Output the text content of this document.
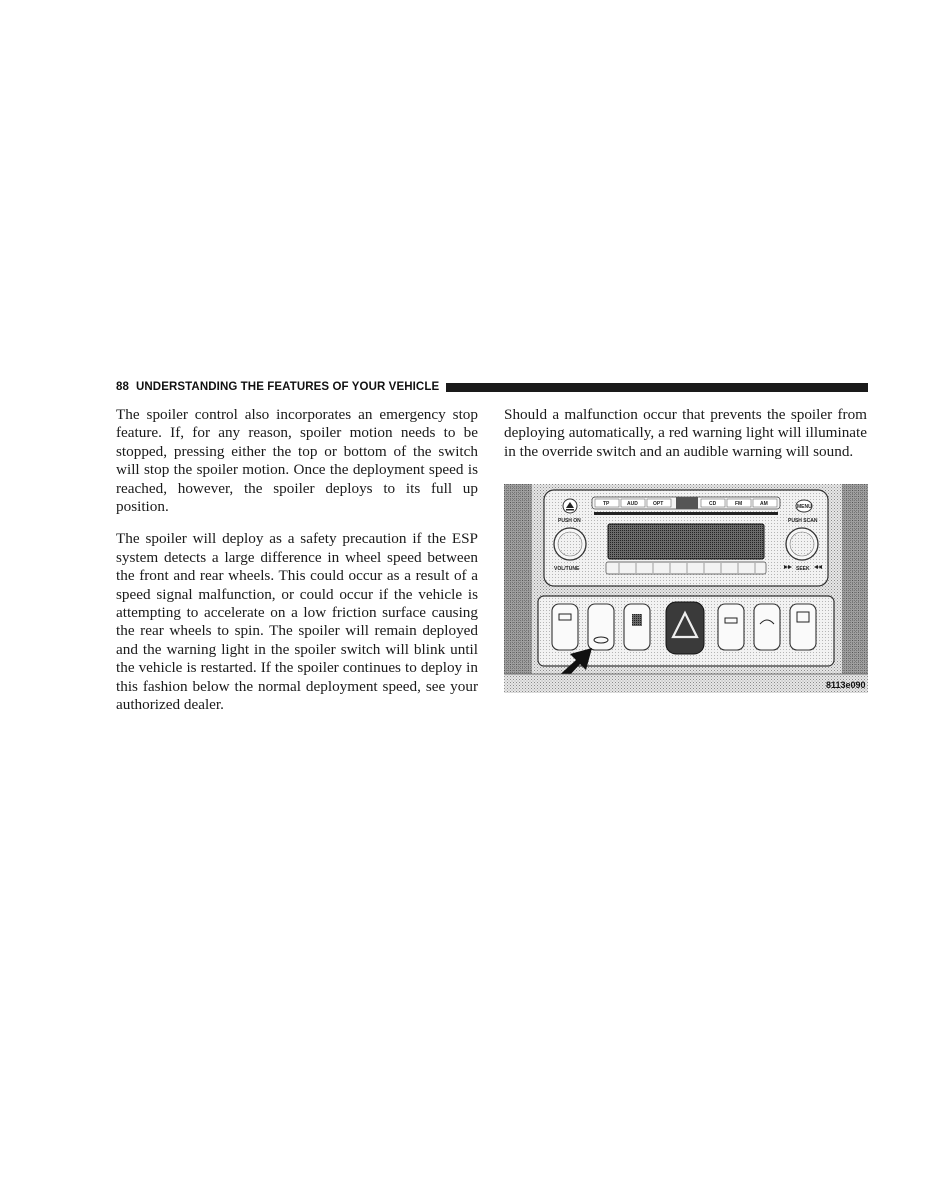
88 UNDERSTANDING THE FEATURES OF YOUR VEHICLE

The spoiler control also incorporates an emergency stop feature. If, for any reason, spoiler motion needs to be stopped, pressing either the top or bottom of the switch will stop the spoiler motion. Once the deployment speed is reached, however, the spoiler deploys to its full up position.

The spoiler will deploy as a safety precaution if the ESP system detects a large difference in wheel speed between the front and rear wheels. This could occur as a result of a speed signal malfunction, or could occur if the vehicle is attempting to accelerate on a low friction surface causing the rear wheels to spin. The spoiler will remain deployed and the warning light in the spoiler switch will blink until the vehicle is restarted. If the spoiler continues to deploy in this fashion below the normal deployment speed, see your authorized dealer.

Should a malfunction occur that prevents the spoiler from deploying automatically, a red warning light will illuminate in the override switch and an audible warning will sound.

TP	AUD	OPT	CD	FM	AM	MENU
PUSH ON	PUSH SCAN
VOL/TUNE	SEEK
8113e090
